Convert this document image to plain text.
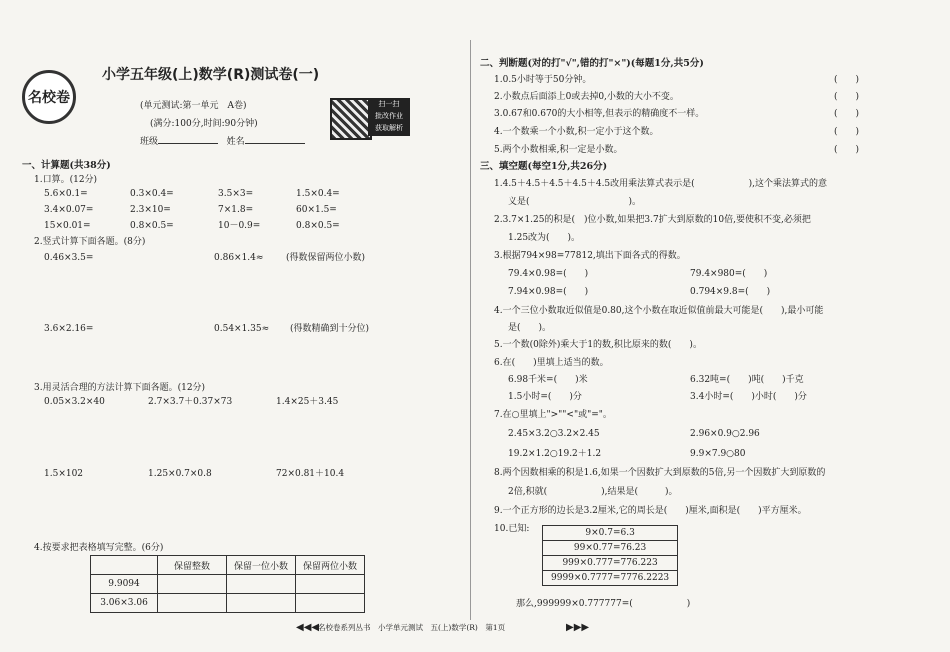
名校卷
小学五年级(上)数学(R)测试卷(一)
(单元测试:第一单元　A卷)
(满分:100分,时间:90分钟)
班级	姓名
扫一扫
批改作业
获取解析
一、计算题(共38分)
1.口算。(12分)
5.6×0.1=	0.3×0.4=	3.5×3=	1.5×0.4=
3.4×0.07=	2.3×10=	7×1.8=	60×1.5=
15×0.01=	0.8×0.5=	10－0.9=	0.8×0.5=
2.竖式计算下面各题。(8分)
0.46×3.5=	0.86×1.4≈	(得数保留两位小数)
3.6×2.16=	0.54×1.35≈ (得数精确到十分位)
3.用灵活合理的方法计算下面各题。(12分)
0.05×3.2×40	2.7×3.7＋0.37×73	1.4×25＋3.45
1.5×102	1.25×0.7×0.8	72×0.81＋10.4
4.按要求把表格填写完整。(6分)
	保留整数	保留一位小数	保留两位小数
9.9094			
3.06×3.06			
二、判断题(对的打"√",错的打"×")(每题1分,共5分)
1.0.5小时等于50分钟。
2.小数点后面添上0或去掉0,小数的大小不变。
3.0.67和0.670的大小相等,但表示的精确度不一样。
4.一个数乘一个小数,积一定小于这个数。
5.两个小数相乘,积一定是小数。
(　　)
(　　)
(　　)
(　　)
(　　)
三、填空题(每空1分,共26分)
1.4.5＋4.5＋4.5＋4.5＋4.5改用乘法算式表示是(　　　　　　),这个乘法算式的意
义是(　　　　　　　　　　　)。
2.3.7×1.25的积是(　)位小数,如果把3.7扩大到原数的10倍,要使积不变,必须把
1.25改为(　　)。
3.根据794×98=77812,填出下面各式的得数。
79.4×0.98=(　　)	79.4×980=(　　)
7.94×0.98=(　　)	0.794×9.8=(　　)
4.一个三位小数取近似值是0.80,这个小数在取近似值前最大可能是(　　),最小可能
是(　　)。
5.一个数(0除外)乘大于1的数,积比原来的数(　　)。
6.在(　　)里填上适当的数。
6.98千米=(　　)米	6.32吨=(　　)吨(　　)千克
1.5小时=(　　)分	3.4小时=(　　)小时(　　)分
7.在○里填上">""<"或"="。
2.45×3.2○3.2×2.45	2.96×0.9○2.96
19.2×1.2○19.2＋1.2	9.9×7.9○80
8.两个因数相乘的积是1.6,如果一个因数扩大到原数的5倍,另一个因数扩大到原数的
2倍,积就(　　　　　　),结果是(　　　)。
9.一个正方形的边长是3.2厘米,它的周长是(　　)厘米,面积是(　　)平方厘米。
10.已知:	9×0.7=6.3
99×0.77=76.23
999×0.777=776.223
9999×0.7777=7776.2223
那么,999999×0.777777=(　　　　　　)
◀◀◀
名校卷系列丛书　小学单元测试　五(上)数学(R)　第1页	▶▶▶
